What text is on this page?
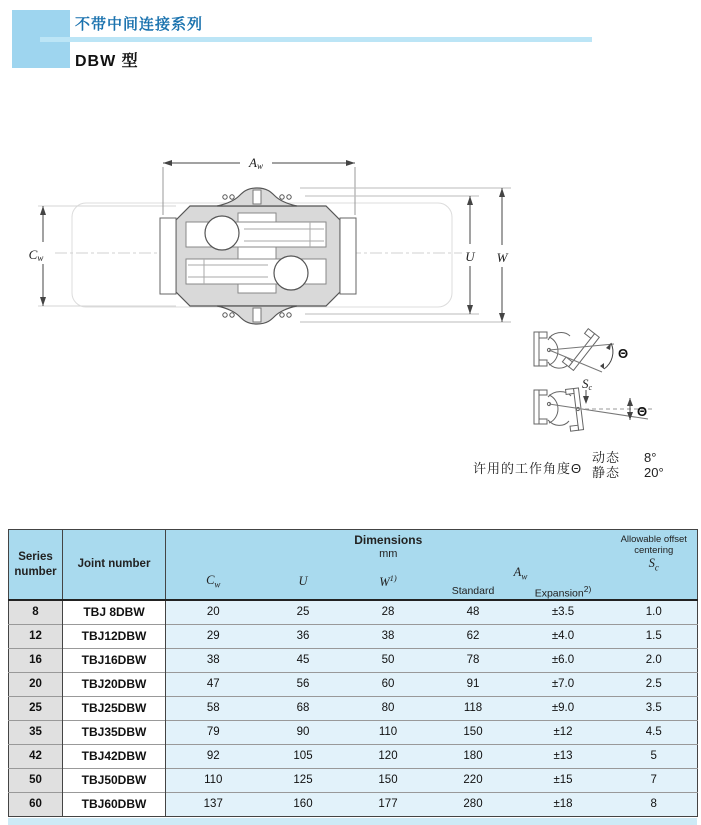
不带中间连接系列
DBW 型
Aw
Cw	U W
Θ
Sc
Θ
许用的工作角度Θ
动态	8°
静态	20°
Series number	Joint number	
Dimensions
mm

Allowable offset centering
$S_c$

		$C_w$	U	$W^{1)}$	$A_w$
					Standard	Expansion$^{2)}$
8	TBJ 8DBW	20	25	28	48	±3.5	1.0
12	TBJ12DBW	29	36	38	62	±4.0	1.5
16	TBJ16DBW	38	45	50	78	±6.0	2.0
20	TBJ20DBW	47	56	60	91	±7.0	2.5
25	TBJ25DBW	58	68	80	118	±9.0	3.5
35	TBJ35DBW	79	90	110	150	±12	4.5
42	TBJ42DBW	92	105	120	180	±13	5
50	TBJ50DBW	110	125	150	220	±15	7
60	TBJ60DBW	137	160	177	280	±18	8
